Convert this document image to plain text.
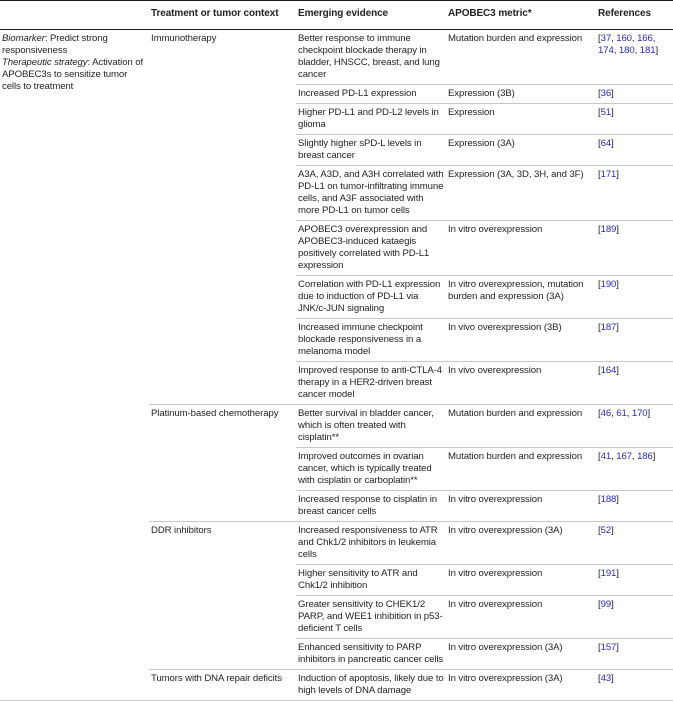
	Treatment or tumor context	Emerging evidence	APOBEC3 metric*	References
Biomarker: Predict strong responsiveness
Therapeutic strategy: Activation of APOBEC3s to sensitize tumor cells to treatment	Immunotherapy	Better response to immune checkpoint blockade therapy in bladder, HNSCC, breast, and lung cancer	Mutation burden and expression	[37, 160, 166, 174, 180, 181]
		Increased PD-L1 expression	Expression (3B)	[36]
		Higher PD-L1 and PD-L2 levels in glioma	Expression	[51]
		Slightly higher sPD-L levels in breast cancer	Expression (3A)	[64]
		A3A, A3D, and A3H correlated with PD-L1 on tumor-infiltrating immune cells, and A3F associated with more PD-L1 on tumor cells	Expression (3A, 3D, 3H, and 3F)	[171]
		APOBEC3 overexpression and APOBEC3-induced kataegis positively correlated with PD-L1 expression	In vitro overexpression	[189]
		Correlation with PD-L1 expression due to induction of PD-L1 via JNK/c-JUN signaling	In vitro overexpression, mutation burden and expression (3A)	[190]
		Increased immune checkpoint blockade responsiveness in a melanoma model	In vivo overexpression (3B)	[187]
		Improved response to anti-CTLA-4 therapy in a HER2-driven breast cancer model	In vivo overexpression	[164]
	Platinum-based chemotherapy	Better survival in bladder cancer, which is often treated with cisplatin**	Mutation burden and expression	[46, 61, 170]
		Improved outcomes in ovarian cancer, which is typically treated with cisplatin or carboplatin**	Mutation burden and expression	[41, 167, 186]
		Increased response to cisplatin in breast cancer cells	In vitro overexpression	[188]
	DDR inhibitors	Increased responsiveness to ATR and Chk1/2 inhibitors in leukemia cells	In vitro overexpression (3A)	[52]
		Higher sensitivity to ATR and Chk1/2 inhibition	In vitro overexpression	[191]
		Greater sensitivity to CHEK1/2 PARP, and WEE1 inhibition in p53-deficient T cells	In vitro overexpression	[99]
		Enhanced sensitivity to PARP inhibitors in pancreatic cancer cells	In vitro overexpression (3A)	[157]
	Tumors with DNA repair deficits	Induction of apoptosis, likely due to high levels of DNA damage	In vitro overexpression (3A)	[43]
